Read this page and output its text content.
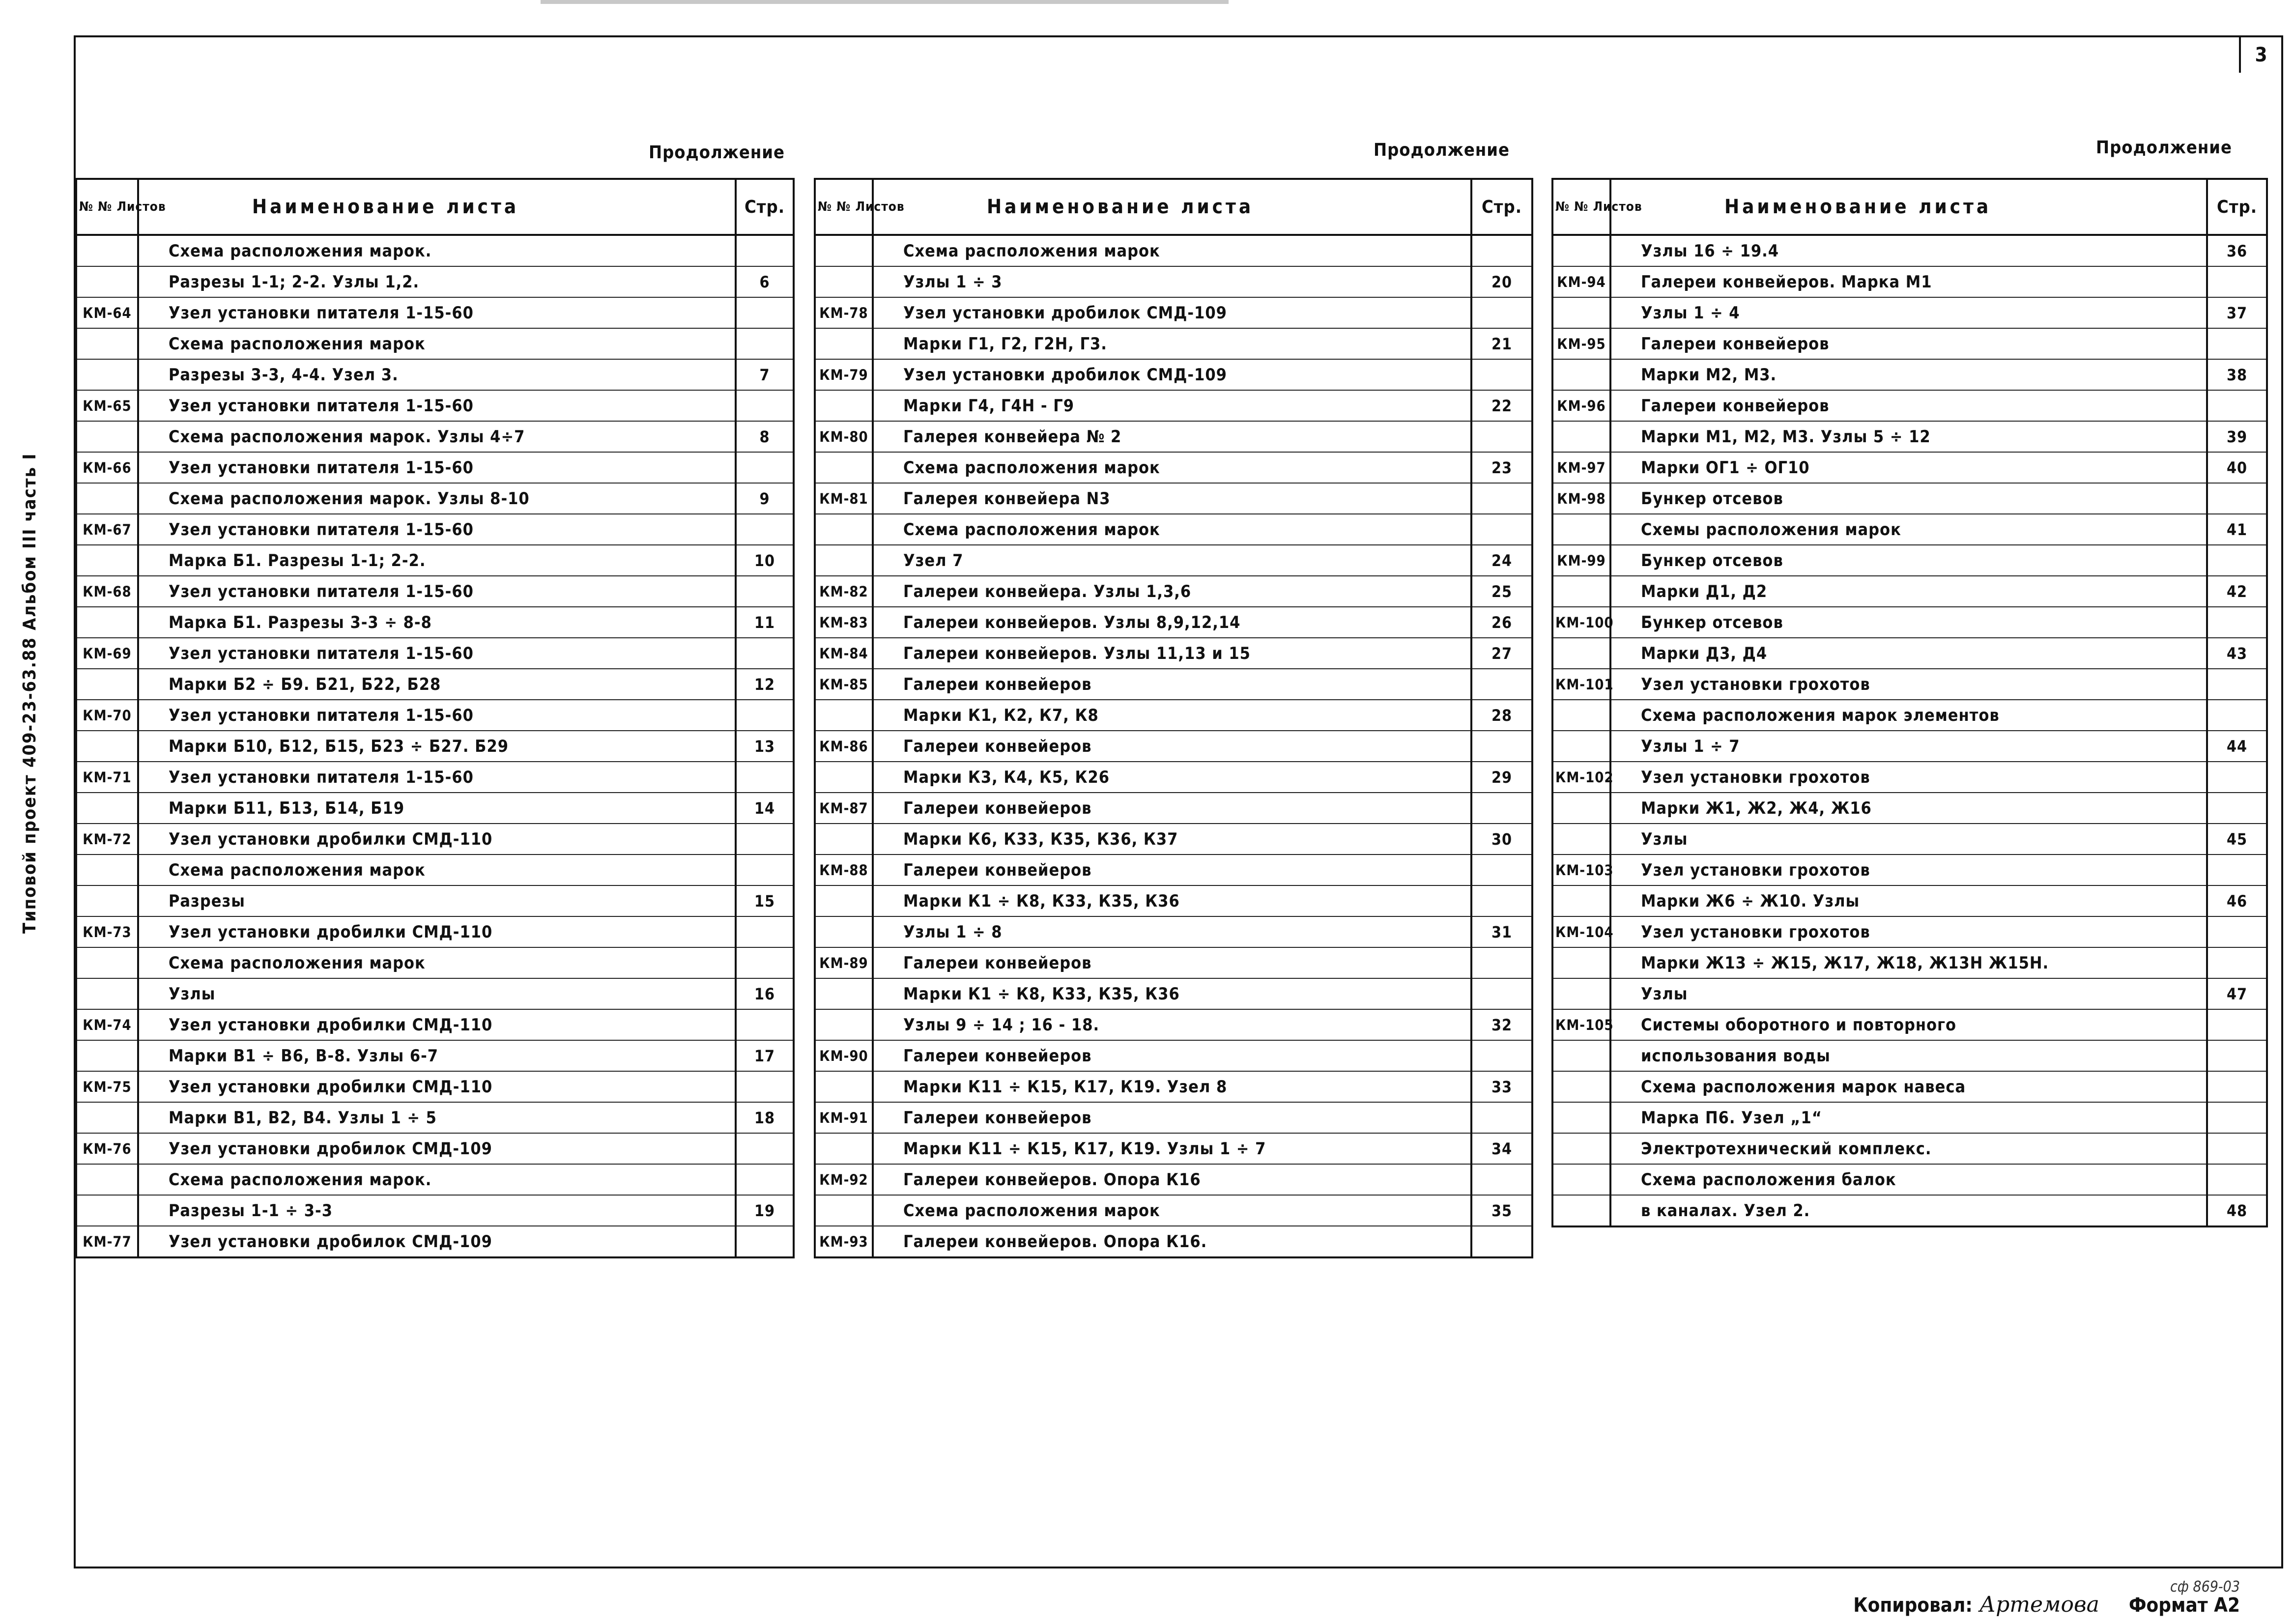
3
Типовой проект 409-23-63.88 Альбом III часть I
Продолжение	Продолжение	Продолжение
№ № Листов	Наименование листа	Стр.
	Схема расположения марок.	
	Разрезы 1-1; 2-2. Узлы 1,2.	6
КМ-64	Узел установки питателя 1-15-60	
	Схема расположения марок	
	Разрезы 3-3, 4-4. Узел 3.	7
КМ-65	Узел установки питателя 1-15-60	
	Схема расположения марок. Узлы 4÷7	8
КМ-66	Узел установки питателя 1-15-60	
	Схема расположения марок. Узлы 8-10	9
КМ-67	Узел установки питателя 1-15-60	
	Марка Б1. Разрезы 1-1; 2-2.	10
КМ-68	Узел установки питателя 1-15-60	
	Марка Б1. Разрезы 3-3 ÷ 8-8	11
КМ-69	Узел установки питателя 1-15-60	
	Марки Б2 ÷ Б9. Б21, Б22, Б28	12
КМ-70	Узел установки питателя 1-15-60	
	Марки Б10, Б12, Б15, Б23 ÷ Б27. Б29	13
КМ-71	Узел установки питателя 1-15-60	
	Марки Б11, Б13, Б14, Б19	14
КМ-72	Узел установки дробилки СМД-110	
	Схема расположения марок	
	Разрезы	15
КМ-73	Узел установки дробилки СМД-110	
	Схема расположения марок	
	Узлы	16
КМ-74	Узел установки дробилки СМД-110	
	Марки В1 ÷ В6, В-8. Узлы 6-7	17
КМ-75	Узел установки дробилки СМД-110	
	Марки В1, В2, В4. Узлы 1 ÷ 5	18
КМ-76	Узел установки дробилок СМД-109	
	Схема расположения марок.	
	Разрезы 1-1 ÷ 3-3	19
КМ-77	Узел установки дробилок СМД-109	
№ № Листов	Наименование листа	Стр.
	Схема расположения марок	
	Узлы 1 ÷ 3	20
КМ-78	Узел установки дробилок СМД-109	
	Марки Г1, Г2, Г2Н, Г3.	21
КМ-79	Узел установки дробилок СМД-109	
	Марки Г4, Г4Н - Г9	22
КМ-80	Галерея конвейера № 2	
	Схема расположения марок	23
КМ-81	Галерея конвейера N3	
	Схема расположения марок	
	Узел 7	24
КМ-82	Галереи конвейера. Узлы 1,3,6	25
КМ-83	Галереи конвейеров. Узлы 8,9,12,14	26
КМ-84	Галереи конвейеров. Узлы 11,13 и 15	27
КМ-85	Галереи конвейеров	
	Марки К1, К2, К7, К8	28
КМ-86	Галереи конвейеров	
	Марки К3, К4, К5, К26	29
КМ-87	Галереи конвейеров	
	Марки К6, К33, К35, К36, К37	30
КМ-88	Галереи конвейеров	
	Марки К1 ÷ К8, К33, К35, К36	
	Узлы 1 ÷ 8	31
КМ-89	Галереи конвейеров	
	Марки К1 ÷ К8, К33, К35, К36	
	Узлы 9 ÷ 14 ; 16 - 18.	32
КМ-90	Галереи конвейеров	
	Марки К11 ÷ К15, К17, К19. Узел 8	33
КМ-91	Галереи конвейеров	
	Марки К11 ÷ К15, К17, К19. Узлы 1 ÷ 7	34
КМ-92	Галереи конвейеров. Опора К16	
	Схема расположения марок	35
КМ-93	Галереи конвейеров. Опора К16.	
№ № Листов	Наименование листа	Стр.
	Узлы 16 ÷ 19.4	36
КМ-94	Галереи конвейеров. Марка М1	
	Узлы 1 ÷ 4	37
КМ-95	Галереи конвейеров	
	Марки М2, М3.	38
КМ-96	Галереи конвейеров	
	Марки М1, М2, М3. Узлы 5 ÷ 12	39
КМ-97	Марки ОГ1 ÷ ОГ10	40
КМ-98	Бункер отсевов	
	Схемы расположения марок	41
КМ-99	Бункер отсевов	
	Марки Д1, Д2	42
КМ-100	Бункер отсевов	
	Марки Д3, Д4	43
КМ-101	Узел установки грохотов	
	Схема расположения марок элементов	
	Узлы 1 ÷ 7	44
КМ-102	Узел установки грохотов	
	Марки Ж1, Ж2, Ж4, Ж16	
	Узлы	45
КМ-103	Узел установки грохотов	
	Марки Ж6 ÷ Ж10. Узлы	46
КМ-104	Узел установки грохотов	
	Марки Ж13 ÷ Ж15, Ж17, Ж18, Ж13Н Ж15Н.	
	Узлы	47
КМ-105	Системы оборотного и повторного	
	использования воды	
	Схема расположения марок навеса	
	Марка П6. Узел „1“	
	Электротехнический комплекс.	
	Схема расположения балок	
	в каналах. Узел 2.	48
сф 869-03
Копировал: Артемова Формат А2
